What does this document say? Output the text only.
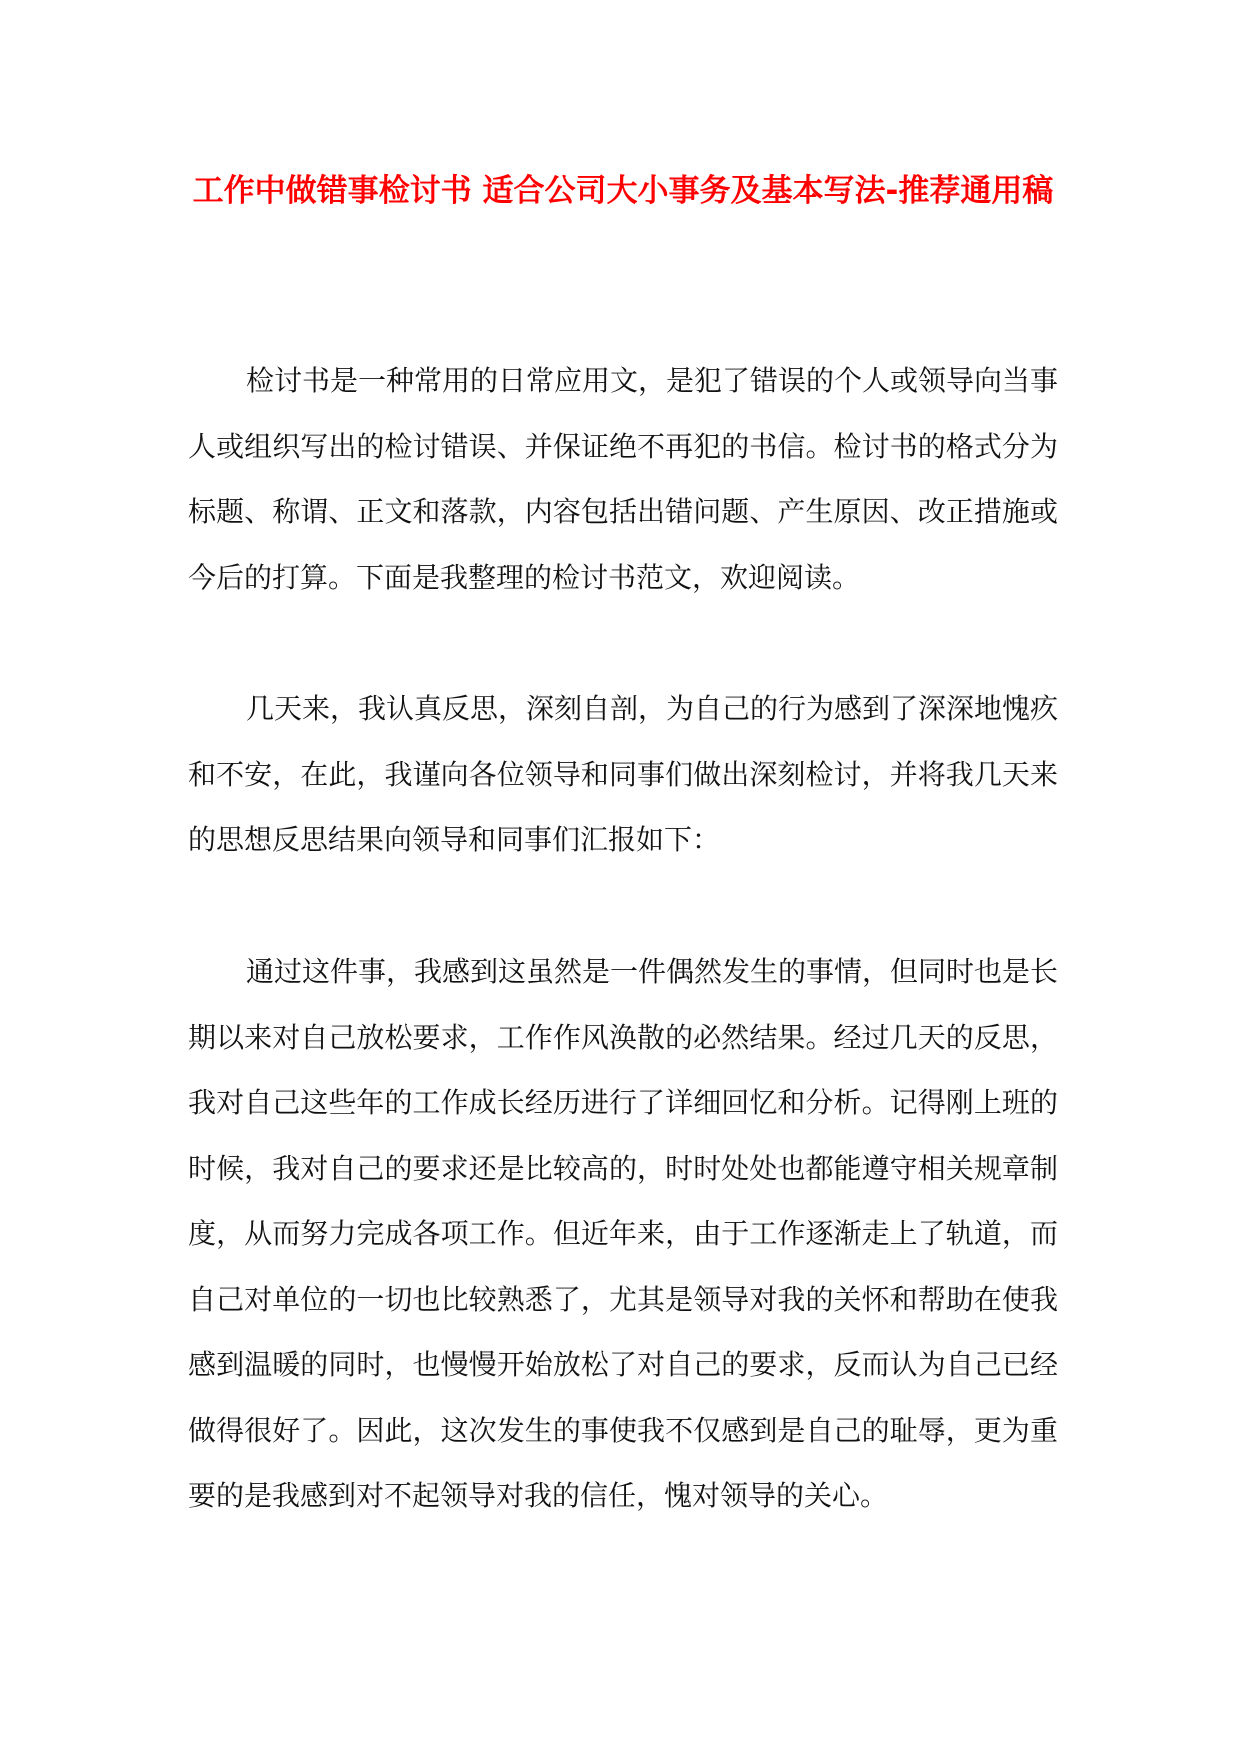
工作中做错事检讨书 适合公司大小事务及基本写法-推荐通用稿

检讨书是一种常用的日常应用文，是犯了错误的个人或领导向当事人或组织写出的检讨错误、并保证绝不再犯的书信。检讨书的格式分为标题、称谓、正文和落款，内容包括出错问题、产生原因、改正措施或今后的打算。下面是我整理的检讨书范文，欢迎阅读。

几天来，我认真反思，深刻自剖，为自己的行为感到了深深地愧疚和不安，在此，我谨向各位领导和同事们做出深刻检讨，并将我几天来的思想反思结果向领导和同事们汇报如下：

通过这件事，我感到这虽然是一件偶然发生的事情，但同时也是长期以来对自己放松要求，工作作风涣散的必然结果。经过几天的反思，我对自己这些年的工作成长经历进行了详细回忆和分析。记得刚上班的时候，我对自己的要求还是比较高的，时时处处也都能遵守相关规章制度，从而努力完成各项工作。但近年来，由于工作逐渐走上了轨道，而自己对单位的一切也比较熟悉了，尤其是领导对我的关怀和帮助在使我感到温暖的同时，也慢慢开始放松了对自己的要求，反而认为自己已经做得很好了。因此，这次发生的事使我不仅感到是自己的耻辱，更为重要的是我感到对不起领导对我的信任，愧对领导的关心。
